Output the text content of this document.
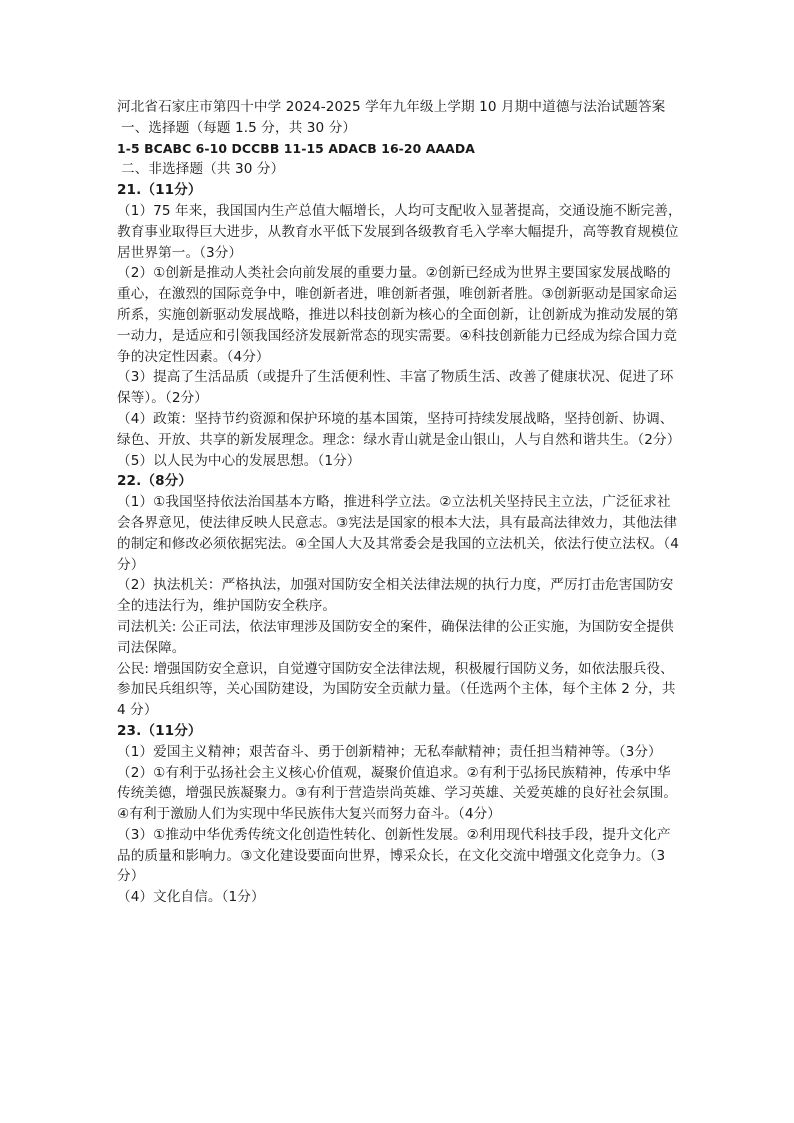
河北省石家庄市第四十中学 2024-2025 学年九年级上学期 10 月期中道德与法治试题答案
一、选择题（每题 1.5 分，共 30 分）
1-5 BCABC 6-10 DCCBB 11-15 ADACB 16-20 AAADA
二、非选择题（共 30 分）
21.（11分）
（1）75 年来，我国国内生产总值大幅增长，人均可支配收入显著提高，交通设施不断完善，教育事业取得巨大进步，从教育水平低下发展到各级教育毛入学率大幅提升，高等教育规模位居世界第一。（3分）
（2）①创新是推动人类社会向前发展的重要力量。②创新已经成为世界主要国家发展战略的重心，在激烈的国际竞争中，唯创新者进，唯创新者强，唯创新者胜。③创新驱动是国家命运所系，实施创新驱动发展战略，推进以科技创新为核心的全面创新，让创新成为推动发展的第一动力，是适应和引领我国经济发展新常态的现实需要。④科技创新能力已经成为综合国力竞争的决定性因素。（4分）
（3）提高了生活品质（或提升了生活便利性、丰富了物质生活、改善了健康状况、促进了环保等）。（2分）
（4）政策：坚持节约资源和保护环境的基本国策，坚持可持续发展战略，坚持创新、协调、绿色、开放、共享的新发展理念。理念：绿水青山就是金山银山，人与自然和谐共生。（2分）
（5）以人民为中心的发展思想。（1分）
22.（8分）
（1）①我国坚持依法治国基本方略，推进科学立法。②立法机关坚持民主立法，广泛征求社会各界意见，使法律反映人民意志。③宪法是国家的根本大法，具有最高法律效力，其他法律的制定和修改必须依据宪法。④全国人大及其常委会是我国的立法机关，依法行使立法权。（4分）
（2）执法机关：严格执法，加强对国防安全相关法律法规的执行力度，严厉打击危害国防安全的违法行为，维护国防安全秩序。
司法机关: 公正司法，依法审理涉及国防安全的案件，确保法律的公正实施，为国防安全提供司法保障。
公民: 增强国防安全意识，自觉遵守国防安全法律法规，积极履行国防义务，如依法服兵役、参加民兵组织等，关心国防建设，为国防安全贡献力量。（任选两个主体，每个主体 2 分，共 4 分）
23.（11分）
（1）爱国主义精神；艰苦奋斗、勇于创新精神；无私奉献精神；责任担当精神等。（3分）
（2）①有利于弘扬社会主义核心价值观，凝聚价值追求。②有利于弘扬民族精神，传承中华传统美德，增强民族凝聚力。③有利于营造崇尚英雄、学习英雄、关爱英雄的良好社会氛围。④有利于激励人们为实现中华民族伟大复兴而努力奋斗。（4分）
（3）①推动中华优秀传统文化创造性转化、创新性发展。②利用现代科技手段，提升文化产品的质量和影响力。③文化建设要面向世界，博采众长，在文化交流中增强文化竞争力。（3分）
（4）文化自信。（1分）
